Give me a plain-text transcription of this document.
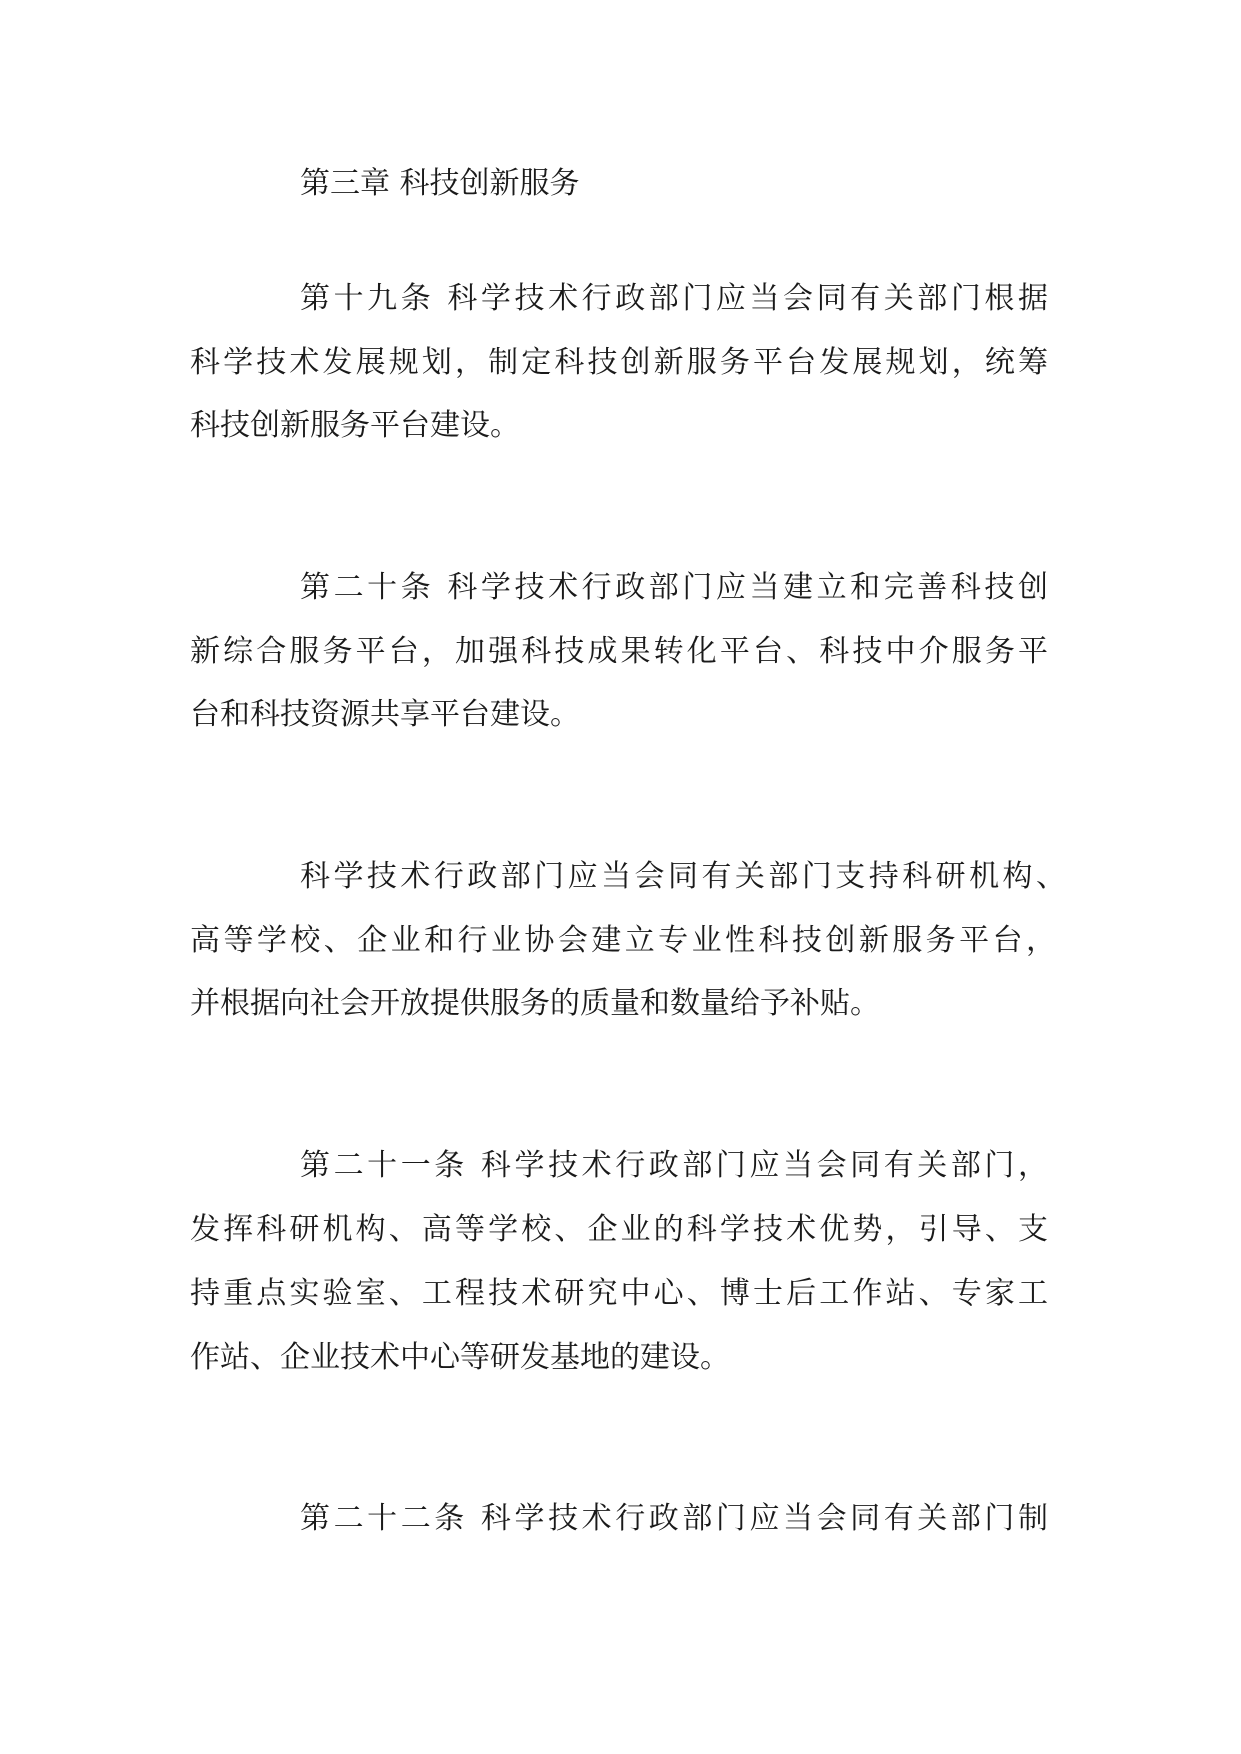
第三章 科技创新服务
第十九条 科学技术行政部门应当会同有关部门根据
科学技术发展规划，制定科技创新服务平台发展规划，统筹
科技创新服务平台建设。
第二十条 科学技术行政部门应当建立和完善科技创
新综合服务平台，加强科技成果转化平台、科技中介服务平
台和科技资源共享平台建设。
科学技术行政部门应当会同有关部门支持科研机构、
高等学校、企业和行业协会建立专业性科技创新服务平台，
并根据向社会开放提供服务的质量和数量给予补贴。
第二十一条 科学技术行政部门应当会同有关部门，
发挥科研机构、高等学校、企业的科学技术优势，引导、支
持重点实验室、工程技术研究中心、博士后工作站、专家工
作站、企业技术中心等研发基地的建设。
第二十二条 科学技术行政部门应当会同有关部门制
